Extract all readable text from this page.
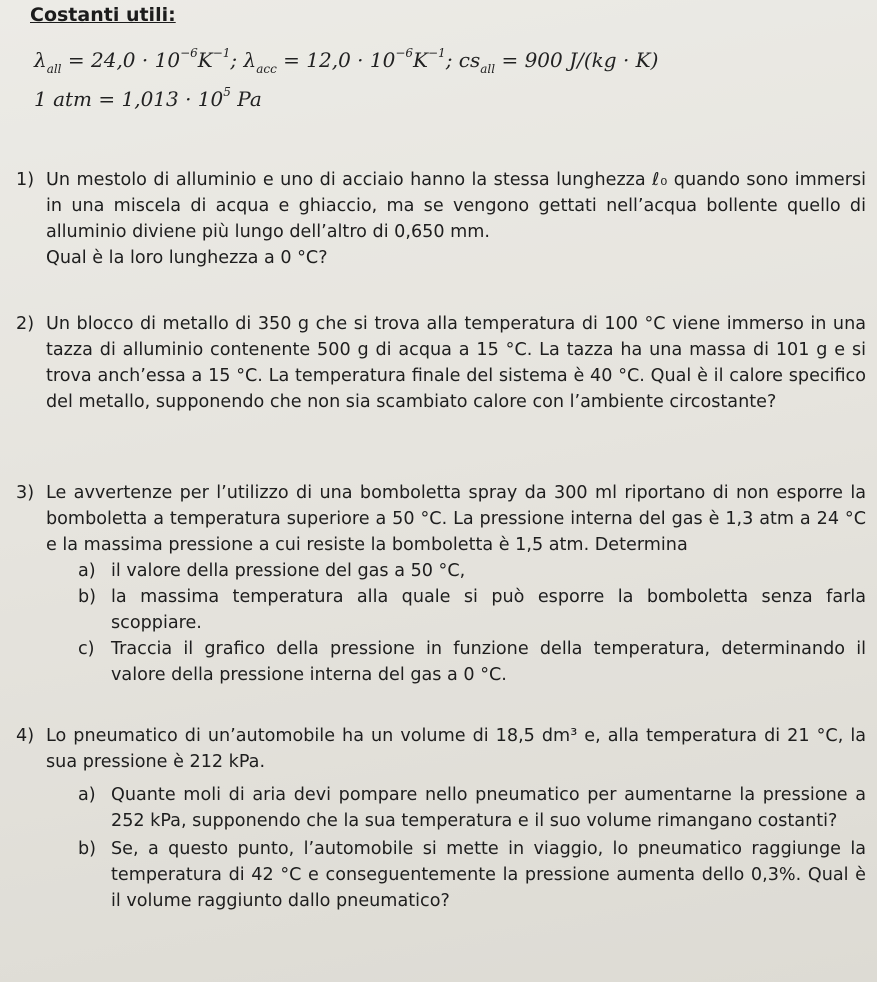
Costanti utili:
$\lambda_{all} = 24,0 \cdot 10^{-6}K^{-1}$; $\lambda_{acc} = 12,0 \cdot 10^{-6}K^{-1}$; $cs_{all} = 900$ J/(kg · K)
1 atm = $1,013 \cdot 10^5$ Pa
1) Un mestolo di alluminio e uno di acciaio hanno la stessa lunghezza ℓ₀ quando sono immersi in una miscela di acqua e ghiaccio, ma se vengono gettati nell’acqua bollente quello di alluminio diviene più lungo dell’altro di 0,650 mm.
Qual è la loro lunghezza a 0 °C?
2) Un blocco di metallo di 350 g che si trova alla temperatura di 100 °C viene immerso in una tazza di alluminio contenente 500 g di acqua a 15 °C. La tazza ha una massa di 101 g e si trova anch’essa a 15 °C. La temperatura finale del sistema è 40 °C. Qual è il calore specifico del metallo, supponendo che non sia scambiato calore con l’ambiente circostante?
3) Le avvertenze per l’utilizzo di una bomboletta spray da 300 ml riportano di non esporre la bomboletta a temperatura superiore a 50 °C. La pressione interna del gas è 1,3 atm a 24 °C e la massima pressione a cui resiste la bomboletta è 1,5 atm. Determina
a) il valore della pressione del gas a 50 °C,
b) la massima temperatura alla quale si può esporre la bomboletta senza farla scoppiare.
c) Traccia il grafico della pressione in funzione della temperatura, determinando il valore della pressione interna del gas a 0 °C.
4) Lo pneumatico di un’automobile ha un volume di 18,5 dm³ e, alla temperatura di 21 °C, la sua pressione è 212 kPa.
a) Quante moli di aria devi pompare nello pneumatico per aumentarne la pressione a 252 kPa, supponendo che la sua temperatura e il suo volume rimangano costanti?
b) Se, a questo punto, l’automobile si mette in viaggio, lo pneumatico raggiunge la temperatura di 42 °C e conseguentemente la pressione aumenta dello 0,3%. Qual è il volume raggiunto dallo pneumatico?
